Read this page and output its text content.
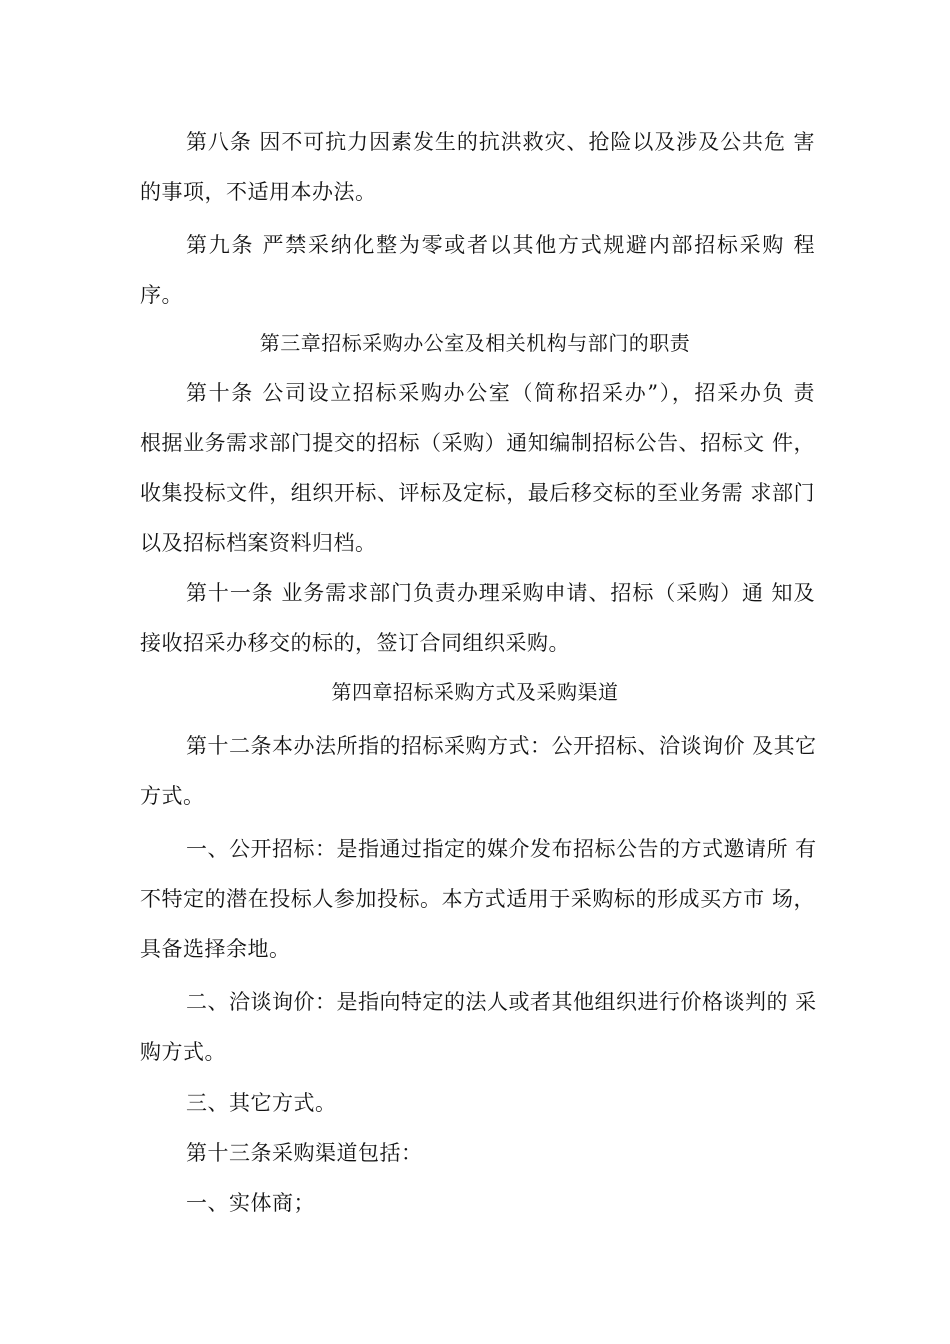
第八条 因不可抗力因素发生的抗洪救灾、抢险以及涉及公共危 害
的事项，不适用本办法。
第九条 严禁采纳化整为零或者以其他方式规避内部招标采购 程
序。
第三章招标采购办公室及相关机构与部门的职责
第十条 公司设立招标采购办公室（简称招采办”），招采办负 责
根据业务需求部门提交的招标（采购）通知编制招标公告、招标文 件，
收集投标文件，组织开标、评标及定标，最后移交标的至业务需 求部门
以及招标档案资料归档。
第十一条 业务需求部门负责办理采购申请、招标（采购）通 知及
接收招采办移交的标的，签订合同组织采购。
第四章招标采购方式及采购渠道
第十二条本办法所指的招标采购方式：公开招标、洽谈询价 及其它
方式。
一、公开招标：是指通过指定的媒介发布招标公告的方式邀请所 有
不特定的潜在投标人参加投标。本方式适用于采购标的形成买方市 场，
具备选择余地。
二、洽谈询价：是指向特定的法人或者其他组织进行价格谈判的 采
购方式。
三、其它方式。
第十三条采购渠道包括：
一、实体商；
